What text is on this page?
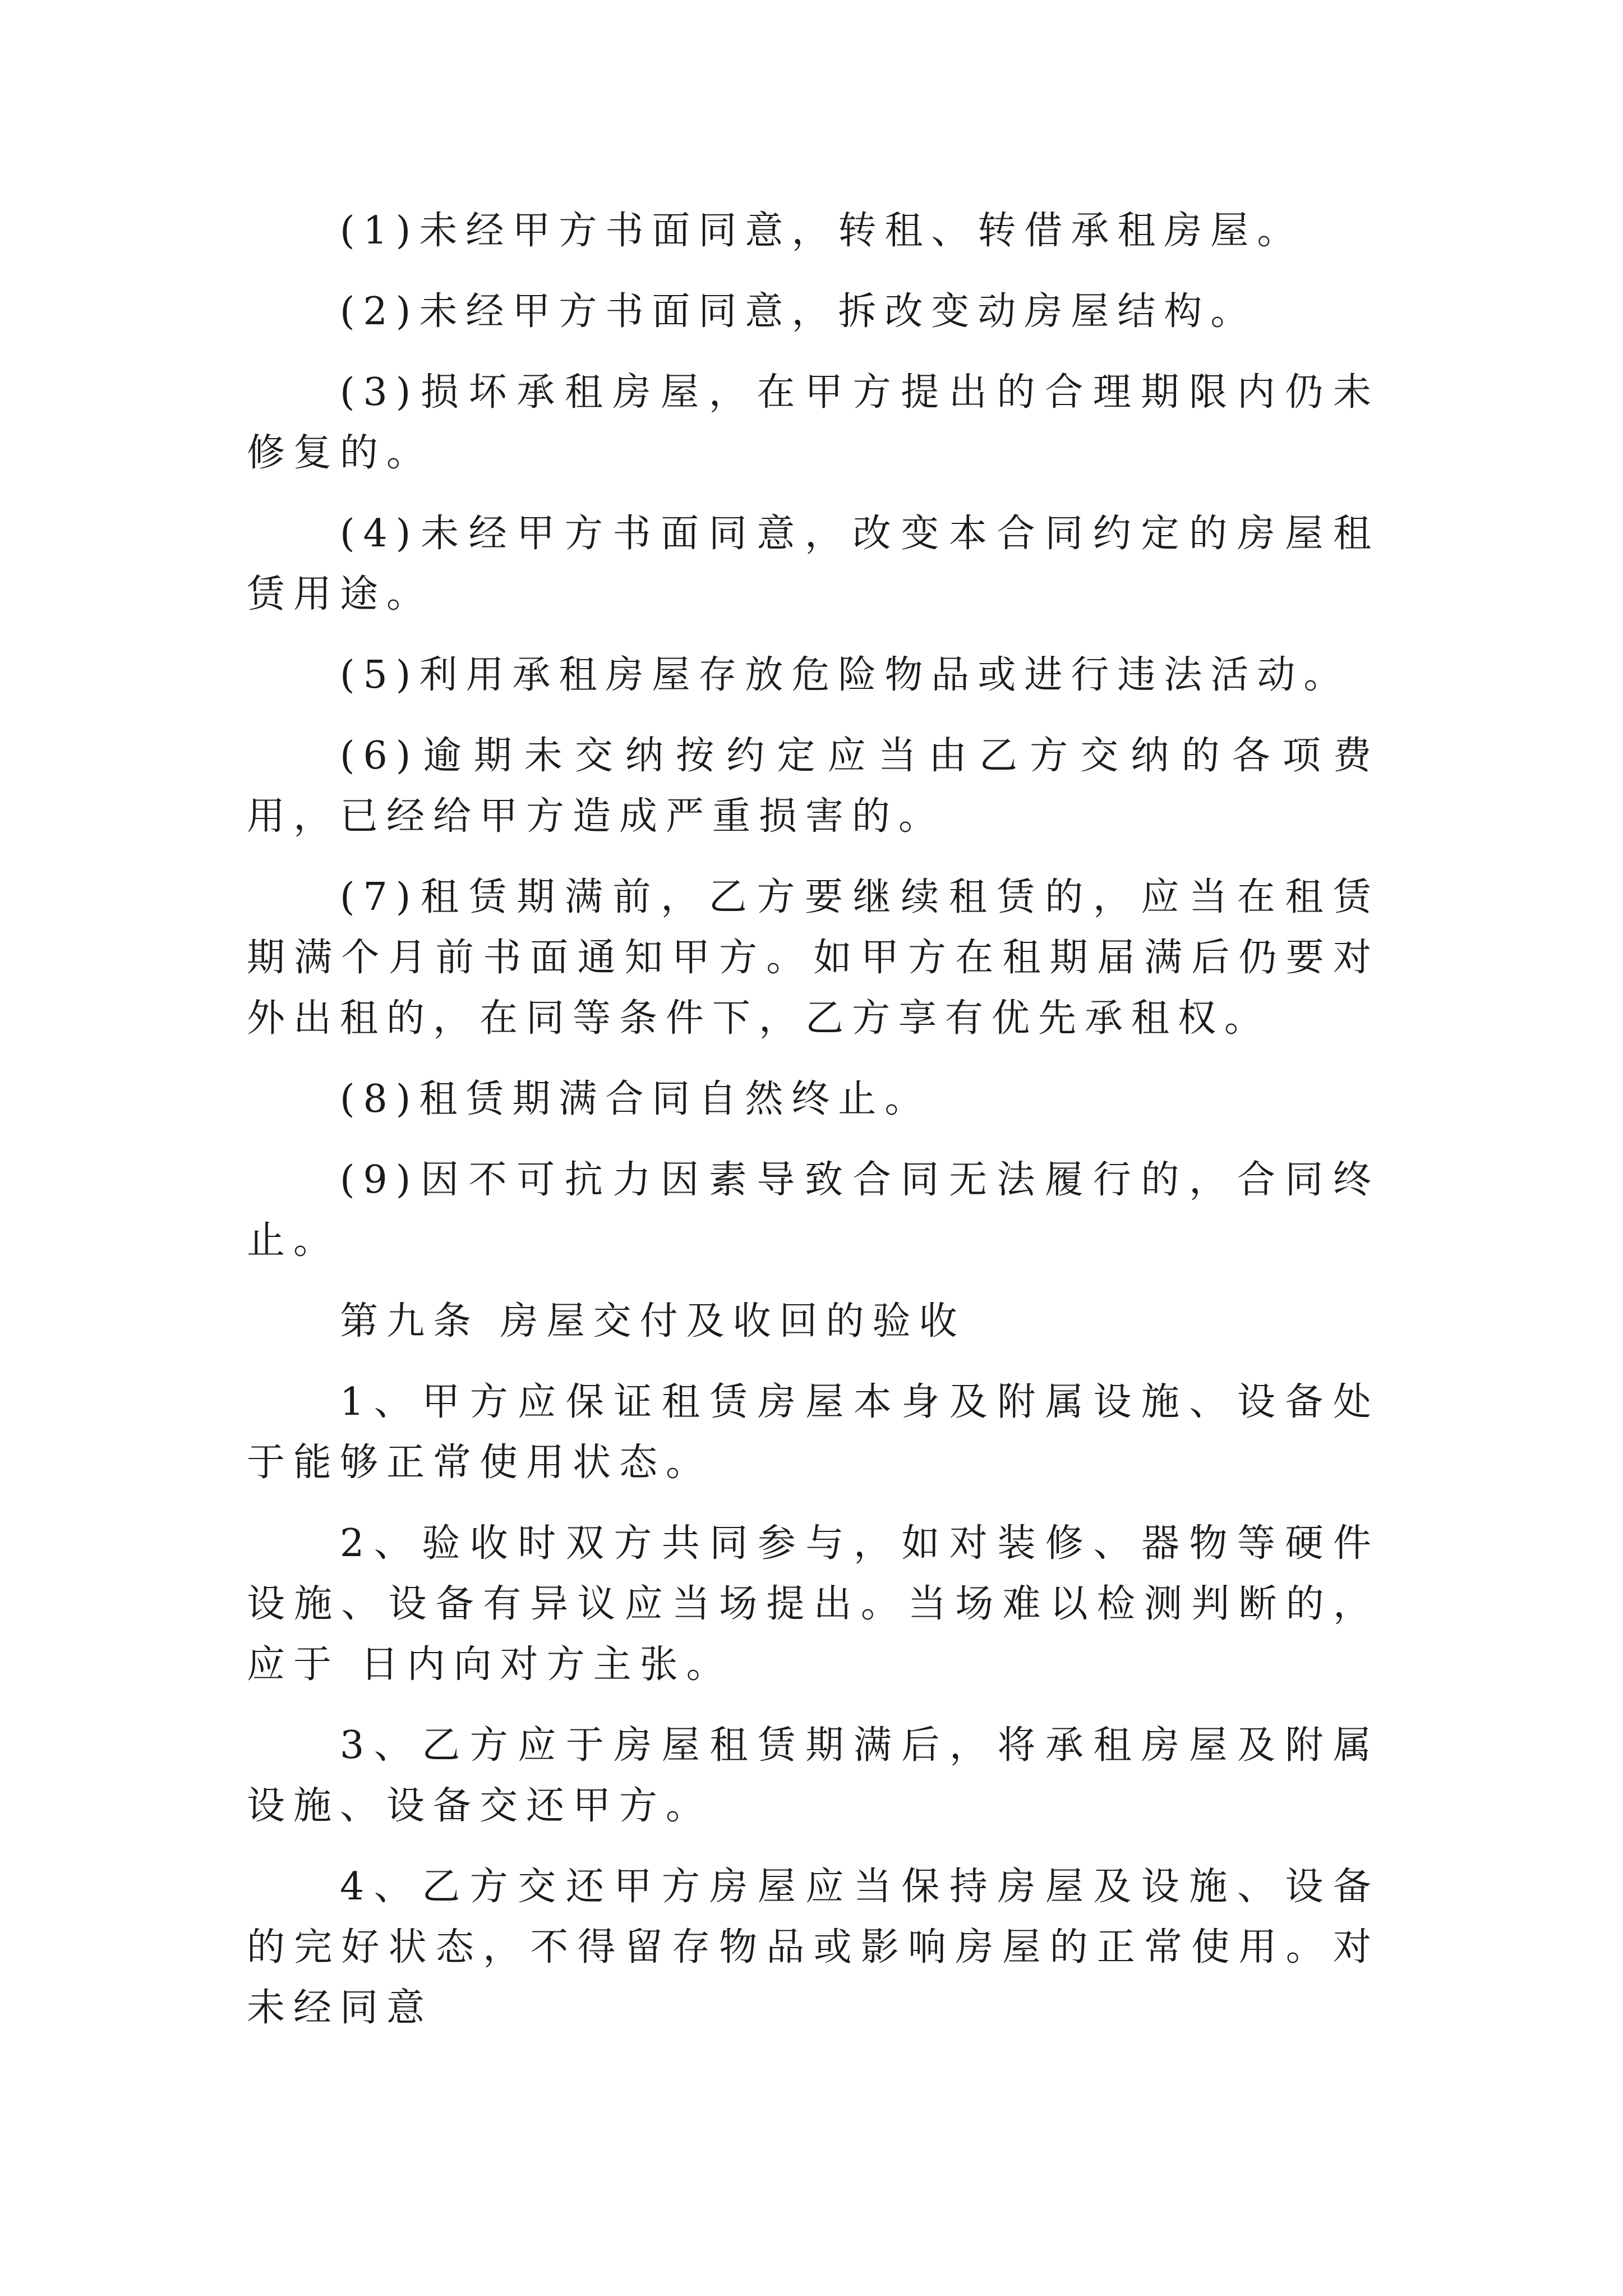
(1)未经甲方书面同意，转租、转借承租房屋。

(2)未经甲方书面同意，拆改变动房屋结构。

(3)损坏承租房屋，在甲方提出的合理期限内仍未修复的。

(4)未经甲方书面同意，改变本合同约定的房屋租赁用途。

(5)利用承租房屋存放危险物品或进行违法活动。

(6)逾期未交纳按约定应当由乙方交纳的各项费用，已经给甲方造成严重损害的。

(7)租赁期满前，乙方要继续租赁的，应当在租赁期满个月前书面通知甲方。如甲方在租期届满后仍要对外出租的，在同等条件下，乙方享有优先承租权。

(8)租赁期满合同自然终止。

(9)因不可抗力因素导致合同无法履行的，合同终止。

第九条 房屋交付及收回的验收

1、甲方应保证租赁房屋本身及附属设施、设备处于能够正常使用状态。

2、验收时双方共同参与，如对装修、器物等硬件设施、设备有异议应当场提出。当场难以检测判断的，应于 日内向对方主张。

3、乙方应于房屋租赁期满后，将承租房屋及附属设施、设备交还甲方。

4、乙方交还甲方房屋应当保持房屋及设施、设备的完好状态，不得留存物品或影响房屋的正常使用。对未经同意
